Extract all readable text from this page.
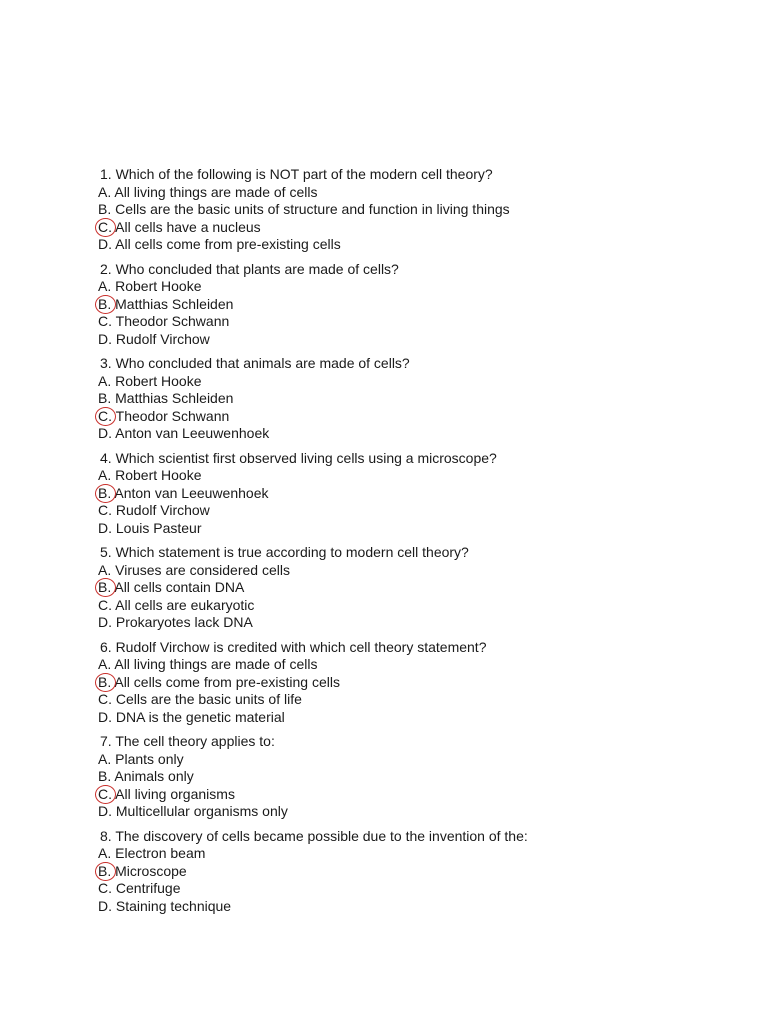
1. Which of the following is NOT part of the modern cell theory?
A. All living things are made of cells
B. Cells are the basic units of structure and function in living things
C. All cells have a nucleus
D. All cells come from pre-existing cells
2. Who concluded that plants are made of cells?
A. Robert Hooke
B. Matthias Schleiden
C. Theodor Schwann
D. Rudolf Virchow
3. Who concluded that animals are made of cells?
A. Robert Hooke
B. Matthias Schleiden
C. Theodor Schwann
D. Anton van Leeuwenhoek
4. Which scientist first observed living cells using a microscope?
A. Robert Hooke
B. Anton van Leeuwenhoek
C. Rudolf Virchow
D. Louis Pasteur
5. Which statement is true according to modern cell theory?
A. Viruses are considered cells
B. All cells contain DNA
C. All cells are eukaryotic
D. Prokaryotes lack DNA
6. Rudolf Virchow is credited with which cell theory statement?
A. All living things are made of cells
B. All cells come from pre-existing cells
C. Cells are the basic units of life
D. DNA is the genetic material
7. The cell theory applies to:
A. Plants only
B. Animals only
C. All living organisms
D. Multicellular organisms only
8. The discovery of cells became possible due to the invention of the:
A. Electron beam
B. Microscope
C. Centrifuge
D. Staining technique
